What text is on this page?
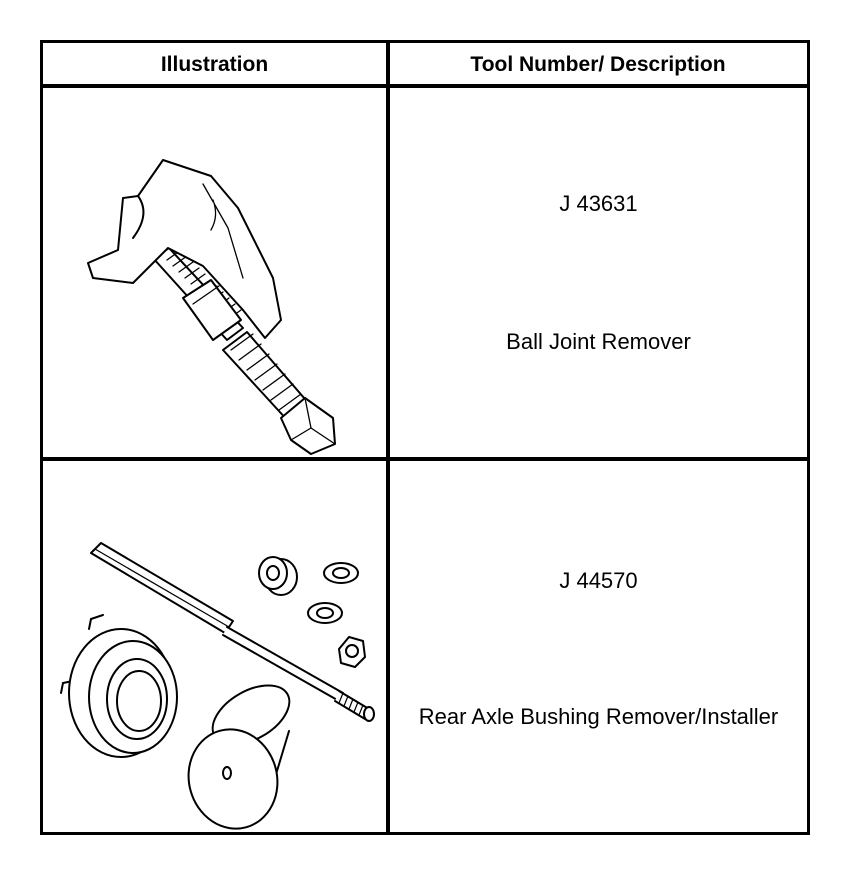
Illustration	Tool Number/ Description
J 43631
Ball Joint Remover
J 44570
Rear Axle Bushing Remover/Installer
